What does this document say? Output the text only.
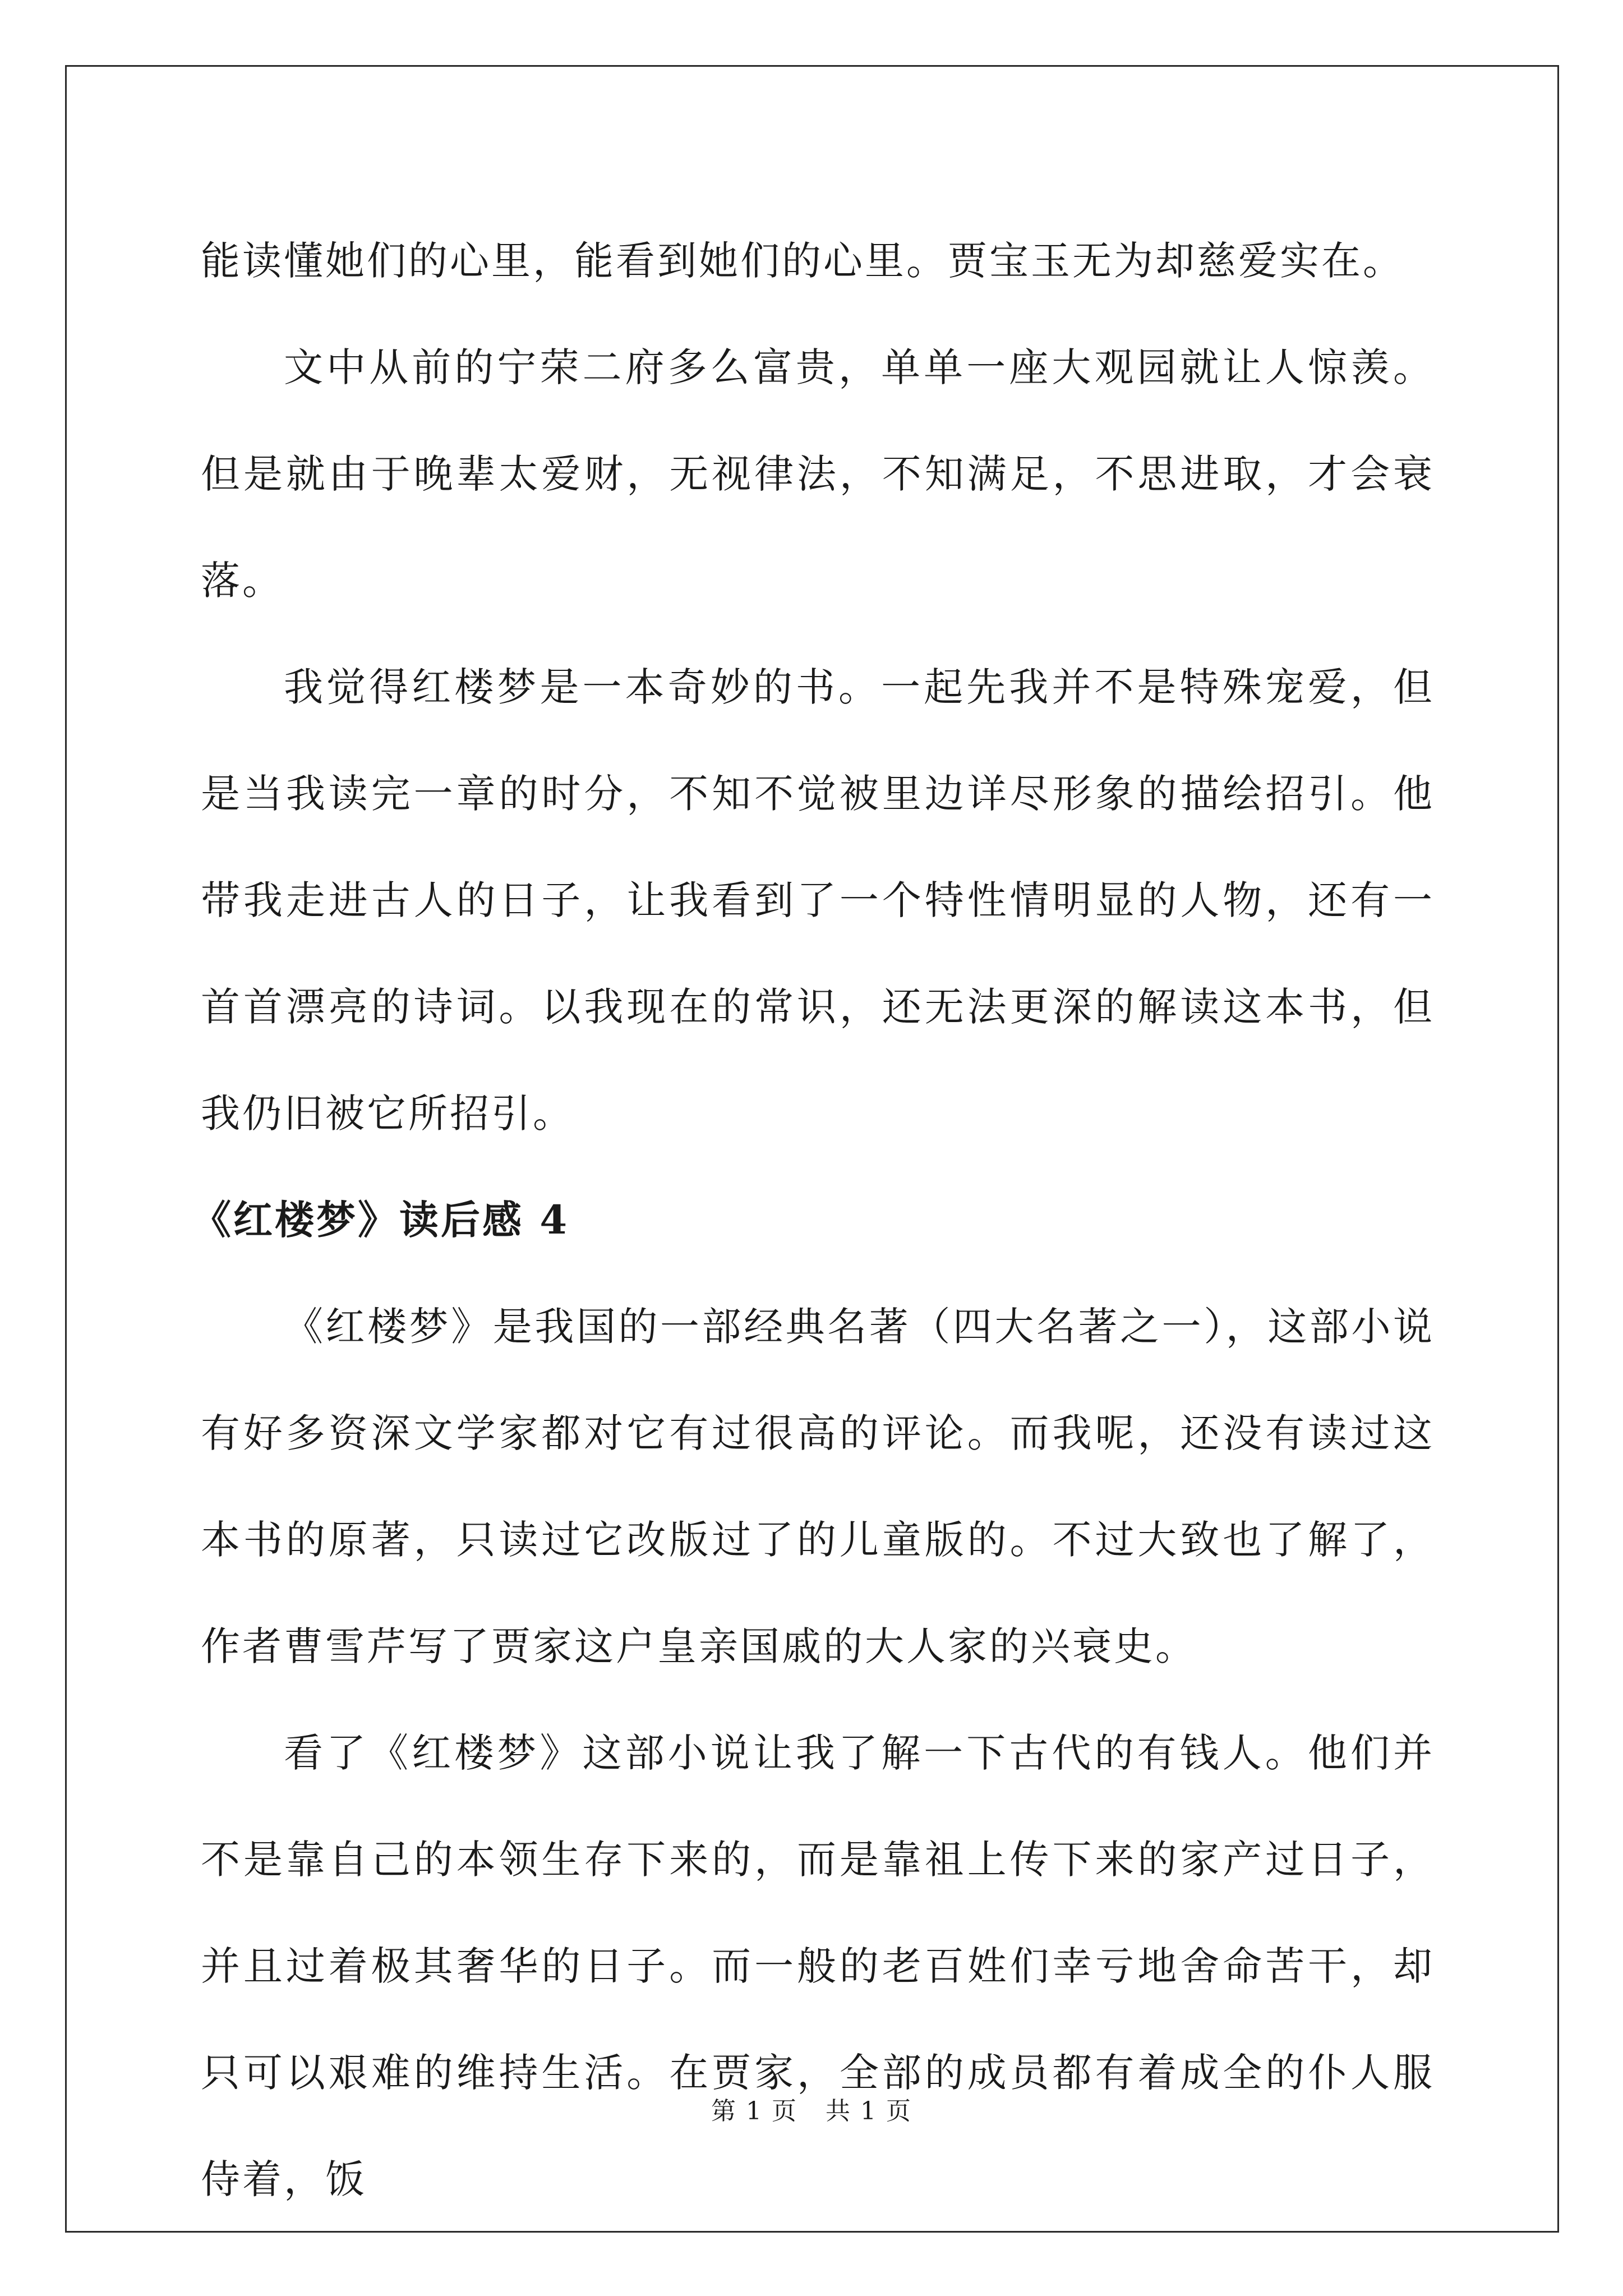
能读懂她们的心里，能看到她们的心里。贾宝玉无为却慈爱实在。

文中从前的宁荣二府多么富贵，单单一座大观园就让人惊羡。但是就由于晚辈太爱财，无视律法，不知满足，不思进取，才会衰落。

我觉得红楼梦是一本奇妙的书。一起先我并不是特殊宠爱，但是当我读完一章的时分，不知不觉被里边详尽形象的描绘招引。他带我走进古人的日子，让我看到了一个特性情明显的人物，还有一首首漂亮的诗词。以我现在的常识，还无法更深的解读这本书，但我仍旧被它所招引。

《红楼梦》读后感 4

《红楼梦》是我国的一部经典名著（四大名著之一），这部小说有好多资深文学家都对它有过很高的评论。而我呢，还没有读过这本书的原著，只读过它改版过了的儿童版的。不过大致也了解了，作者曹雪芹写了贾家这户皇亲国戚的大人家的兴衰史。

看了《红楼梦》这部小说让我了解一下古代的有钱人。他们并不是靠自己的本领生存下来的，而是靠祖上传下来的家产过日子，并且过着极其奢华的日子。而一般的老百姓们幸亏地舍命苦干，却只可以艰难的维持生活。在贾家，全部的成员都有着成全的仆人服侍着，饭

第 1 页 共 1 页
